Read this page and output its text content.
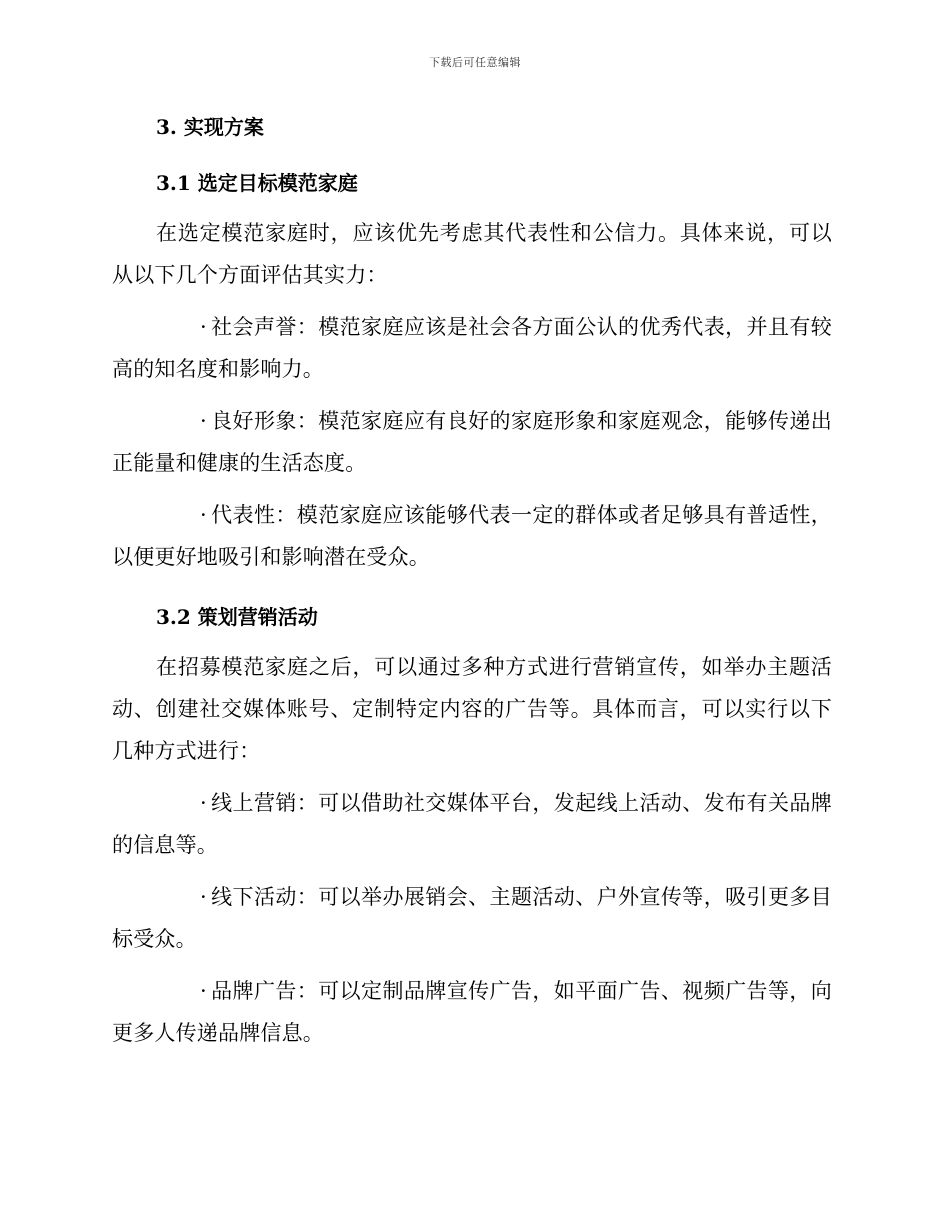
下载后可任意编辑

3. 实现方案

3.1 选定目标模范家庭

在选定模范家庭时，应该优先考虑其代表性和公信力。具体来说，可以从以下几个方面评估其实力：

· 社会声誉：模范家庭应该是社会各方面公认的优秀代表，并且有较高的知名度和影响力。

· 良好形象：模范家庭应有良好的家庭形象和家庭观念，能够传递出正能量和健康的生活态度。

· 代表性：模范家庭应该能够代表一定的群体或者足够具有普适性，以便更好地吸引和影响潜在受众。

3.2 策划营销活动

在招募模范家庭之后，可以通过多种方式进行营销宣传，如举办主题活动、创建社交媒体账号、定制特定内容的广告等。具体而言，可以实行以下几种方式进行：

· 线上营销：可以借助社交媒体平台，发起线上活动、发布有关品牌的信息等。

· 线下活动：可以举办展销会、主题活动、户外宣传等，吸引更多目标受众。

· 品牌广告：可以定制品牌宣传广告，如平面广告、视频广告等，向更多人传递品牌信息。
